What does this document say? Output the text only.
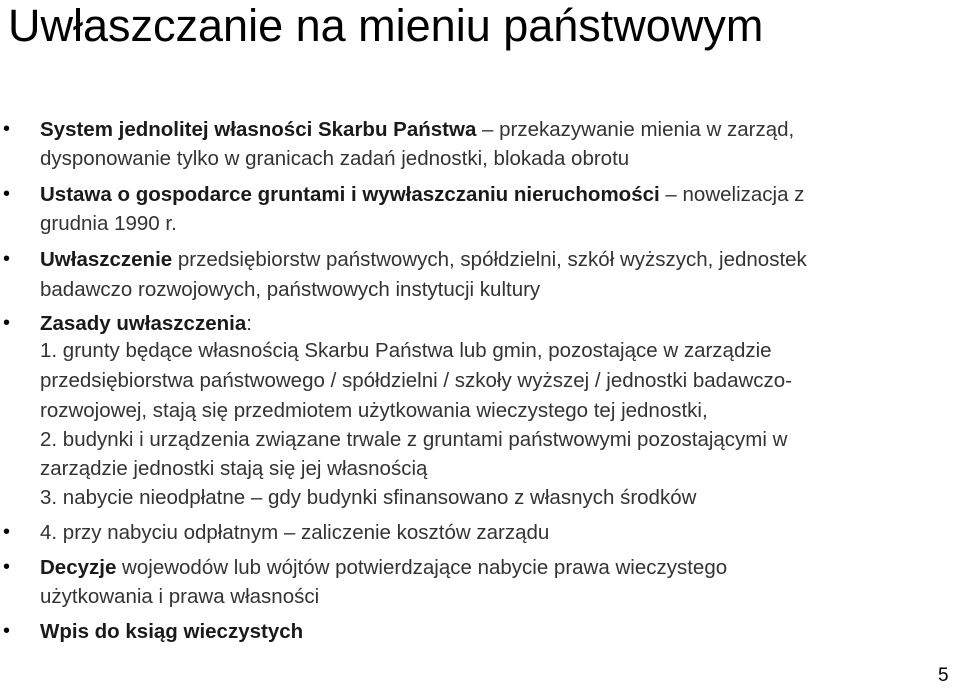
Uwłaszczanie na mieniu państwowym
• System jednolitej własności Skarbu Państwa – przekazywanie mienia w zarząd,
dysponowanie tylko w granicach zadań jednostki, blokada obrotu
• Ustawa o gospodarce gruntami i wywłaszczaniu nieruchomości – nowelizacja z
grudnia 1990 r.
• Uwłaszczenie przedsiębiorstw państwowych, spółdzielni, szkół wyższych, jednostek
badawczo rozwojowych, państwowych instytucji kultury
• Zasady uwłaszczenia:
1. grunty będące własnością Skarbu Państwa lub gmin, pozostające w zarządzie
przedsiębiorstwa państwowego / spółdzielni / szkoły wyższej / jednostki badawczo-
rozwojowej, stają się przedmiotem użytkowania wieczystego tej jednostki,
2. budynki i urządzenia związane trwale z gruntami państwowymi pozostającymi w
zarządzie jednostki stają się jej własnością
3. nabycie nieodpłatne – gdy budynki sfinansowano z własnych środków
• 4. przy nabyciu odpłatnym – zaliczenie kosztów zarządu
• Decyzje wojewodów lub wójtów potwierdzające nabycie prawa wieczystego
użytkowania i prawa własności
• Wpis do ksiąg wieczystych
5
